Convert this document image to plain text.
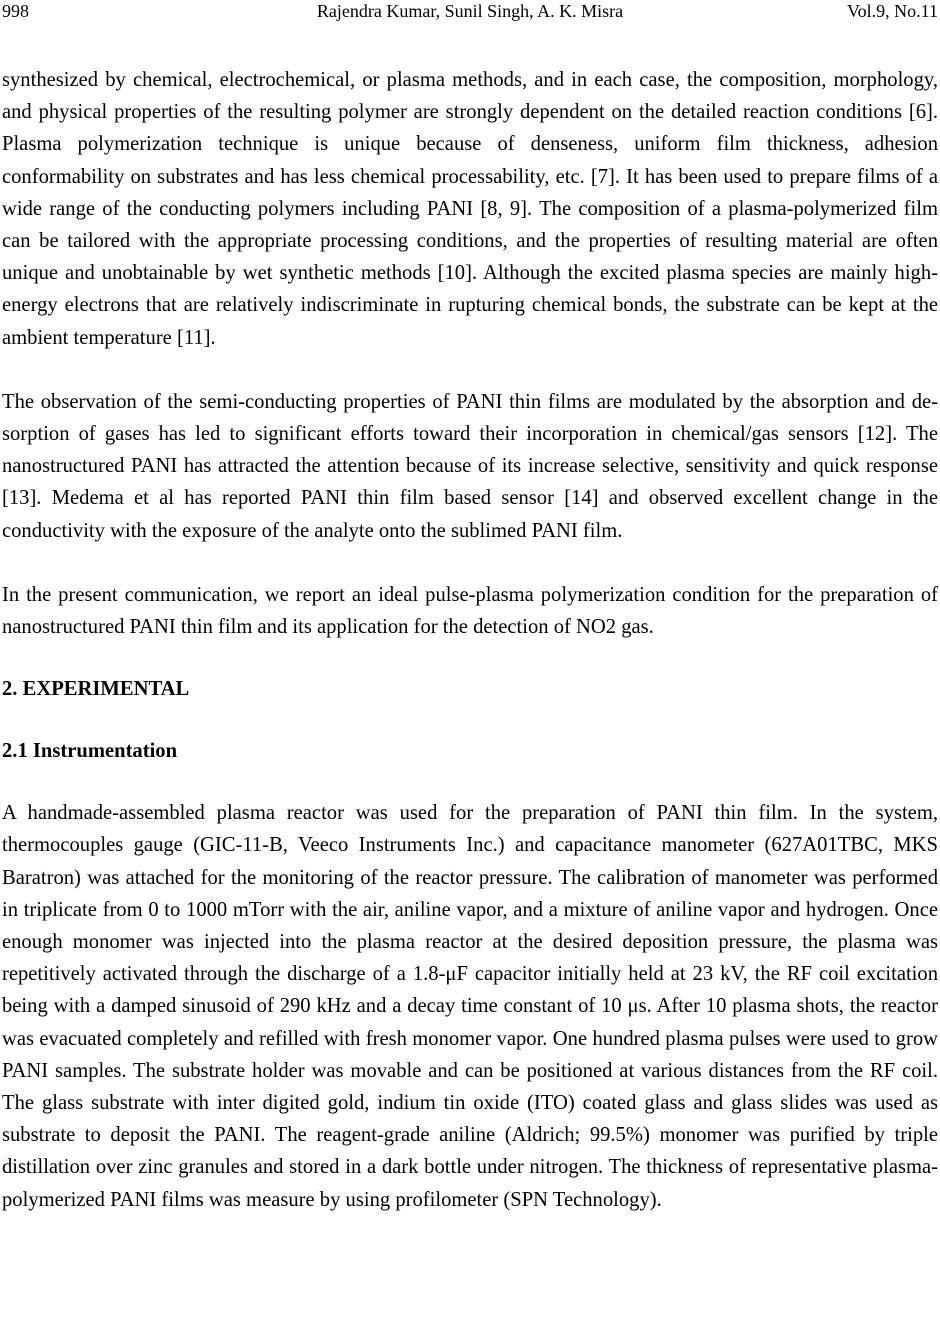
998	Rajendra Kumar, Sunil Singh, A. K. Misra	Vol.9, No.11

synthesized by chemical, electrochemical, or plasma methods, and in each case, the composition, morphology, and physical properties of the resulting polymer are strongly dependent on the detailed reaction conditions [6]. Plasma polymerization technique is unique because of denseness, uniform film thickness, adhesion conformability on substrates and has less chemical processability, etc. [7]. It has been used to prepare films of a wide range of the conducting polymers including PANI [8, 9]. The composition of a plasma-polymerized film can be tailored with the appropriate processing conditions, and the properties of resulting material are often unique and unobtainable by wet synthetic methods [10]. Although the excited plasma species are mainly high-energy electrons that are relatively indiscriminate in rupturing chemical bonds, the substrate can be kept at the ambient temperature [11].

The observation of the semi-conducting properties of PANI thin films are modulated by the absorption and de-sorption of gases has led to significant efforts toward their incorporation in chemical/gas sensors [12]. The nanostructured PANI has attracted the attention because of its increase selective, sensitivity and quick response [13]. Medema et al has reported PANI thin film based sensor [14] and observed excellent change in the conductivity with the exposure of the analyte onto the sublimed PANI film.

In the present communication, we report an ideal pulse-plasma polymerization condition for the preparation of nanostructured PANI thin film and its application for the detection of NO2 gas.

2. EXPERIMENTAL
2.1 Instrumentation

A handmade-assembled plasma reactor was used for the preparation of PANI thin film. In the system, thermocouples gauge (GIC-11-B, Veeco Instruments Inc.) and capacitance manometer (627A01TBC, MKS Baratron) was attached for the monitoring of the reactor pressure. The calibration of manometer was performed in triplicate from 0 to 1000 mTorr with the air, aniline vapor, and a mixture of aniline vapor and hydrogen. Once enough monomer was injected into the plasma reactor at the desired deposition pressure, the plasma was repetitively activated through the discharge of a 1.8-μF capacitor initially held at 23 kV, the RF coil excitation being with a damped sinusoid of 290 kHz and a decay time constant of 10 μs. After 10 plasma shots, the reactor was evacuated completely and refilled with fresh monomer vapor. One hundred plasma pulses were used to grow PANI samples. The substrate holder was movable and can be positioned at various distances from the RF coil. The glass substrate with inter digited gold, indium tin oxide (ITO) coated glass and glass slides was used as substrate to deposit the PANI. The reagent-grade aniline (Aldrich; 99.5%) monomer was purified by triple distillation over zinc granules and stored in a dark bottle under nitrogen. The thickness of representative plasma-polymerized PANI films was measure by using profilometer (SPN Technology).
